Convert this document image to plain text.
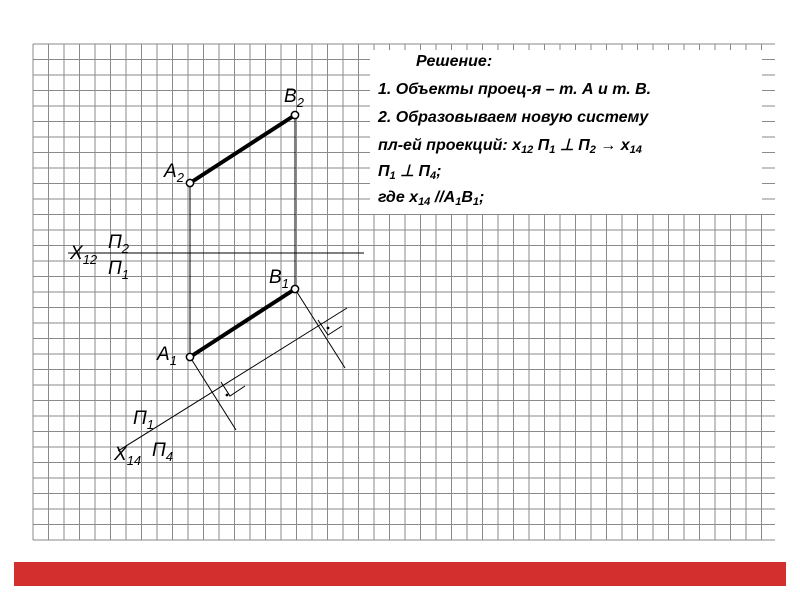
$В_2$
$А_2$
$X_{12}$
$П_2$
$П_1$	$В_1$
$А_1$
$П_1$
$X_{14}$ $П_4$
Решение:
1. Объекты проец-я – т. А и т. В.
2. Образовываем новую систему
пл-ей проекций: $х_{12}$ $П_1$ ⊥ $П_2 \to х_{14}$
$П_1$ ⊥ $П_4$;
где $х_{14}$ $//А_1В_1$;
